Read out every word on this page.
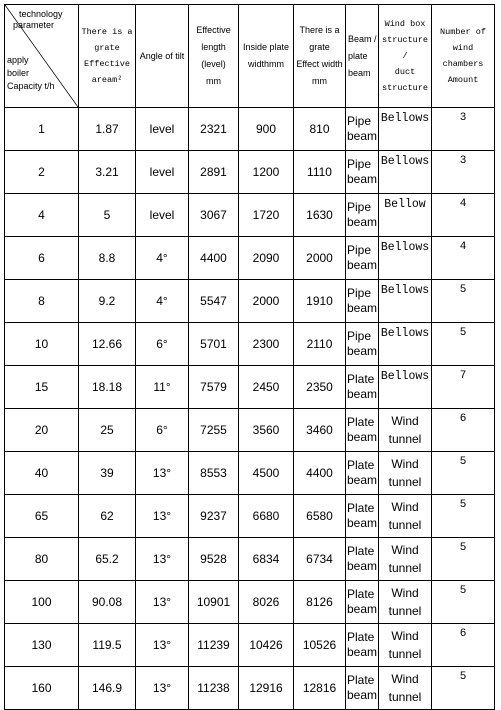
technology
parameter
apply
boiler
Capacity t/h	There is a
grate
Effective
aream²	Angle of tilt	Effective
length
(level)
mm	Inside plate
widthmm	There is a
grate
Effect width
mm	Beam /
plate
beam	Wind box
structure /
duct
structure	Number of
wind chambers
Amount

1	1.87	level	2321	900	810	Pipe
beam	Bellows	3
2	3.21	level	2891	1200	1110	Pipe
beam	Bellows	3
4	5	level	3067	1720	1630	Pipe
beam	Bellow	4
6	8.8	4°	4400	2090	2000	Pipe
beam	Bellows	4
8	9.2	4°	5547	2000	1910	Pipe
beam	Bellows	5
10	12.66	6°	5701	2300	2110	Pipe
beam	Bellows	5
15	18.18	11°	7579	2450	2350	Plate
beam	Bellows	7
20	25	6°	7255	3560	3460	Plate
beam	Wind
tunnel	6
40	39	13°	8553	4500	4400	Plate
beam	Wind
tunnel	5
65	62	13°	9237	6680	6580	Plate
beam	Wind
tunnel	5
80	65.2	13°	9528	6834	6734	Plate
beam	Wind
tunnel	5
100	90.08	13°	10901	8026	8126	Plate
beam	Wind
tunnel	5
130	119.5	13°	11239	10426	10526	Plate
beam	Wind
tunnel	6
160	146.9	13°	11238	12916	12816	Plate
beam	Wind
tunnel	5
